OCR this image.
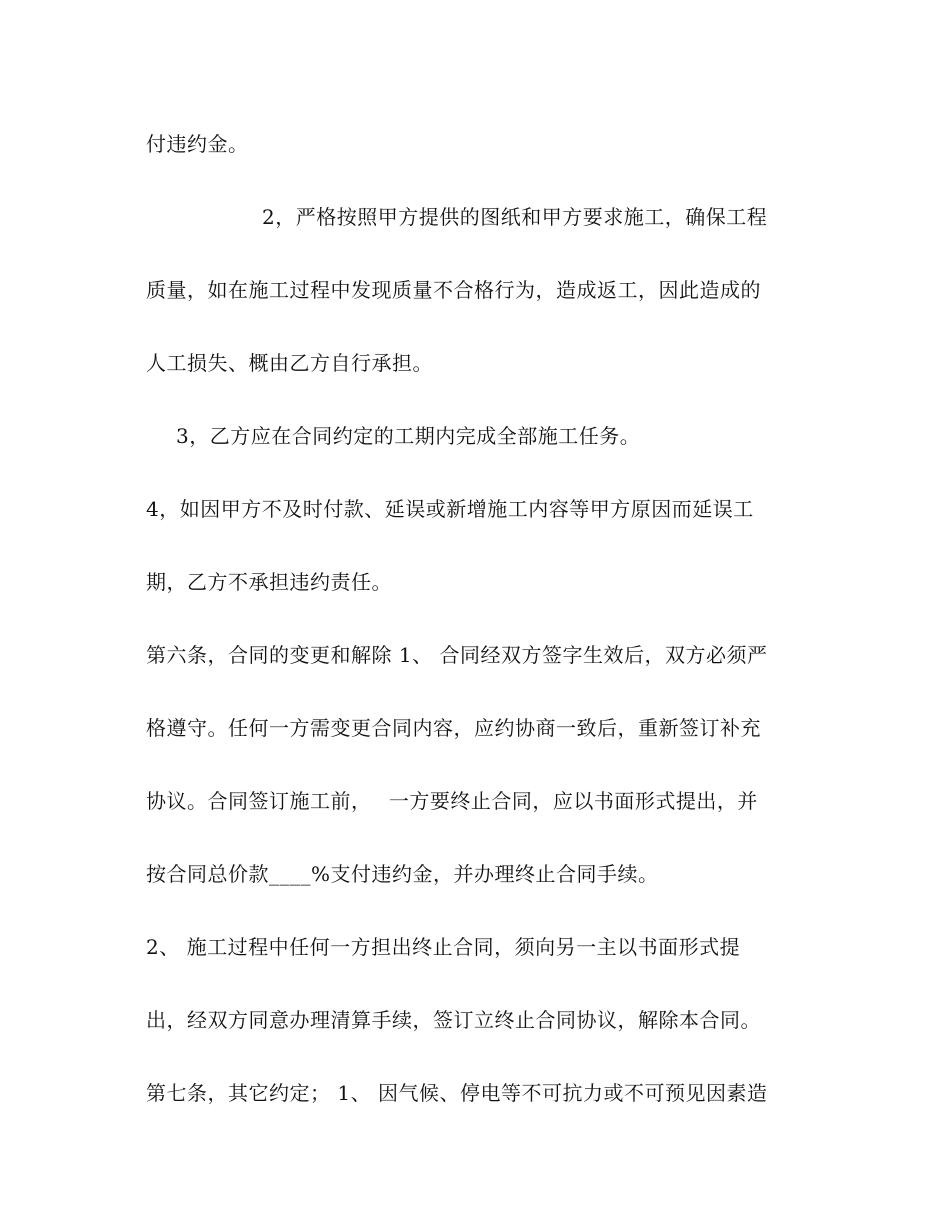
付违约金。
2，严格按照甲方提供的图纸和甲方要求施工，确保工程
质量，如在施工过程中发现质量不合格行为，造成返工，因此造成的
人工损失、概由乙方自行承担。
3，乙方应在合同约定的工期内完成全部施工任务。
4，如因甲方不及时付款、延误或新增施工内容等甲方原因而延误工
期，乙方不承担违约责任。
第六条，合同的变更和解除 1、 合同经双方签字生效后，双方必须严
格遵守。任何一方需变更合同内容，应约协商一致后，重新签订补充
协议。合同签订施工前，　 一方要终止合同，应以书面形式提出，并
按合同总价款____%支付违约金，并办理终止合同手续。
2、 施工过程中任何一方担出终止合同，须向另一主以书面形式提
出，经双方同意办理清算手续，签订立终止合同协议，解除本合同。
第七条，其它约定； 1、 因气候、停电等不可抗力或不可预见因素造
